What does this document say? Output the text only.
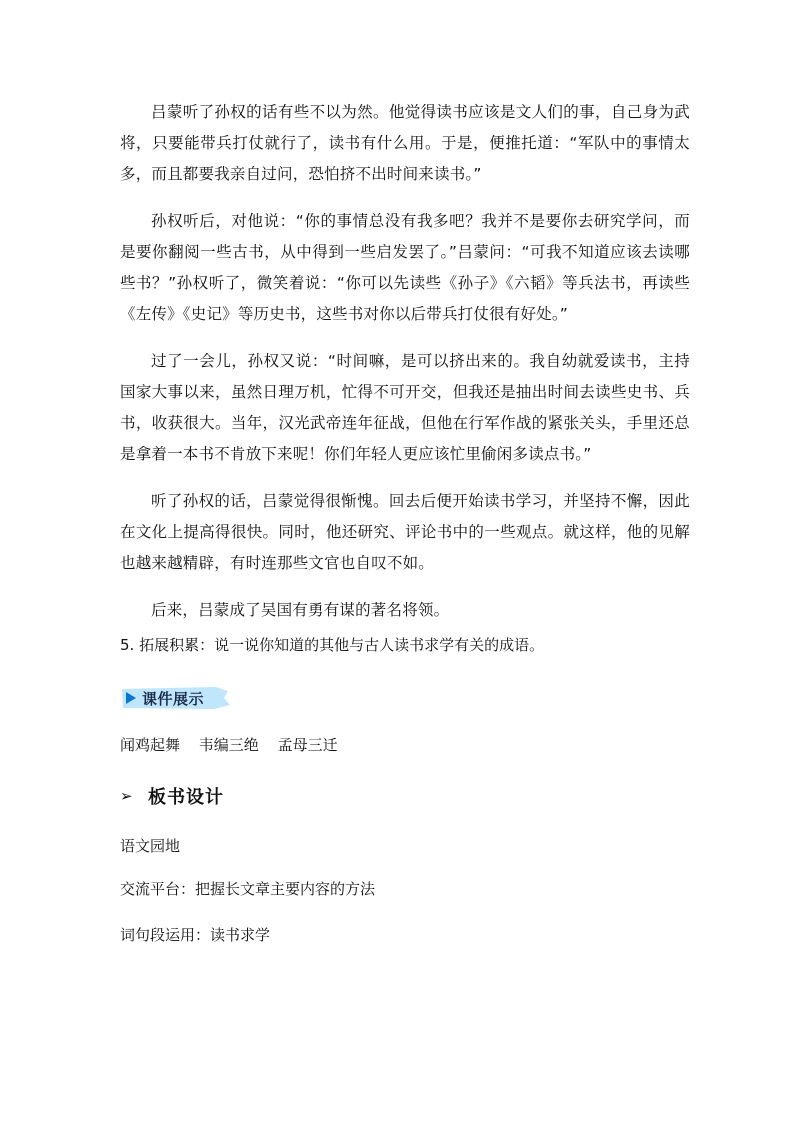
吕蒙听了孙权的话有些不以为然。他觉得读书应该是文人们的事，自己身为武将，只要能带兵打仗就行了，读书有什么用。于是，便推托道：“军队中的事情太多，而且都要我亲自过问，恐怕挤不出时间来读书。”

孙权听后，对他说：“你的事情总没有我多吧？我并不是要你去研究学问，而是要你翻阅一些古书，从中得到一些启发罢了。”吕蒙问：“可我不知道应该去读哪些书？”孙权听了，微笑着说：“你可以先读些《孙子》《六韬》等兵法书，再读些《左传》《史记》等历史书，这些书对你以后带兵打仗很有好处。”

过了一会儿，孙权又说：“时间嘛，是可以挤出来的。我自幼就爱读书，主持国家大事以来，虽然日理万机，忙得不可开交，但我还是抽出时间去读些史书、兵书，收获很大。当年，汉光武帝连年征战，但他在行军作战的紧张关头，手里还总是拿着一本书不肯放下来呢！你们年轻人更应该忙里偷闲多读点书。”

听了孙权的话，吕蒙觉得很惭愧。回去后便开始读书学习，并坚持不懈，因此在文化上提高得很快。同时，他还研究、评论书中的一些观点。就这样，他的见解也越来越精辟，有时连那些文官也自叹不如。

后来，吕蒙成了吴国有勇有谋的著名将领。

5. 拓展积累：说一说你知道的其他与古人读书求学有关的成语。

课件展示
闻鸡起舞 韦编三绝 孟母三迁
➢ 板书设计

语文园地

交流平台：把握长文章主要内容的方法

词句段运用：读书求学
